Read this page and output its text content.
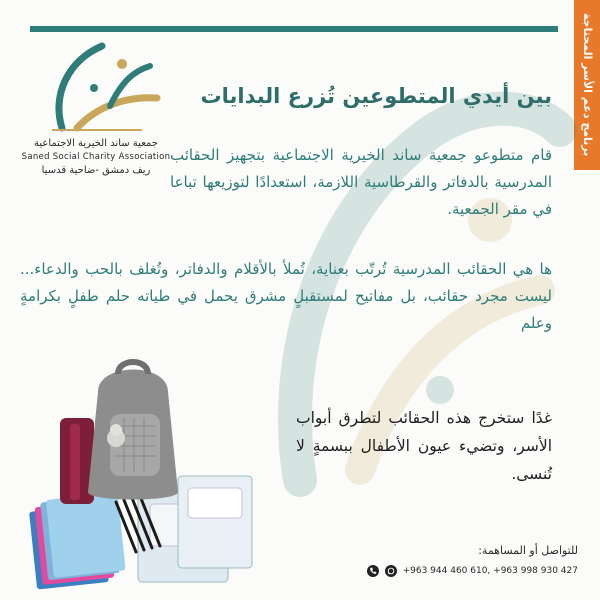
برنامج دعم الأسر المحتاجة
جمعية ساند الخيرية الاجتماعية
Saned Social Charity Association
ريف دمشق -ضاحية قدسيا
بين أيدي المتطوعين تُزرع البدايات
قام متطوعو جمعية ساند الخيرية الاجتماعية بتجهيز الحقائب المدرسية بالدفاتر والقرطاسية اللازمة، استعدادًا لتوزيعها تباعا في مقر الجمعية.
ها هي الحقائب المدرسية تُرتّب بعناية، تُملأ بالأقلام والدفاتر، وتُغلف بالحب والدعاء... ليست مجرد حقائب، بل مفاتيح لمستقبلٍ مشرق يحمل في طياته حلم طفلٍ بكرامةٍ وعلم
غدًا ستخرج هذه الحقائب لتطرق أبواب الأسر، وتضيء عيون الأطفال ببسمةٍ لا تُنسى.
للتواصل أو المساهمة:
+963 944 460 610, +963 998 930 427
